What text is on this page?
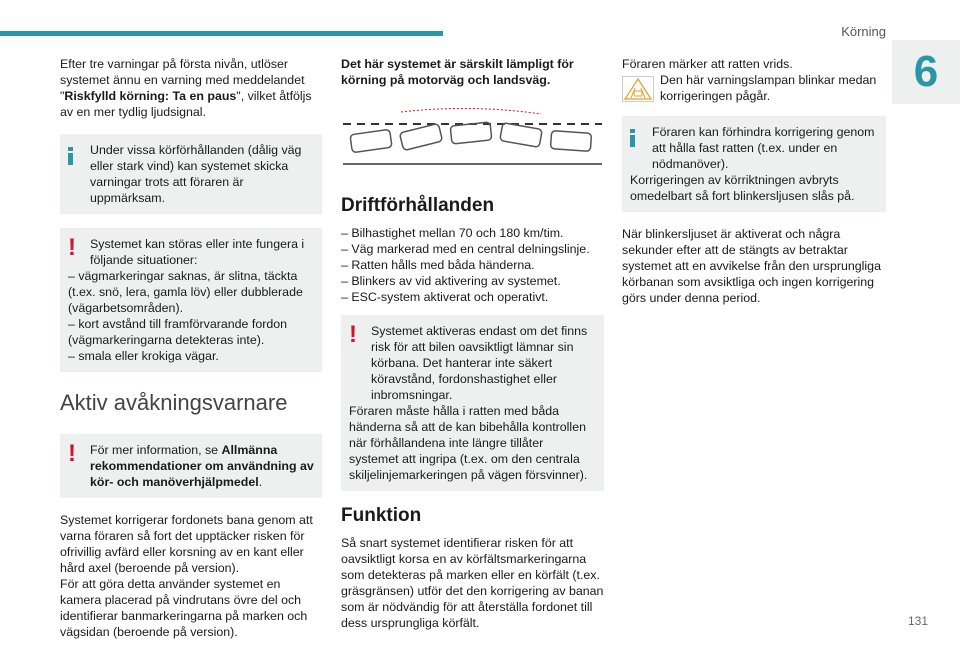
Körning
6

Efter tre varningar på första nivån, utlöser systemet ännu en varning med meddelandet "Riskfylld körning: Ta en paus", vilket åtföljs av en mer tydlig ljudsignal.

Under vissa körförhållanden (dålig väg eller stark vind) kan systemet skicka varningar trots att föraren är uppmärksam.
!	Systemet kan störas eller inte fungera i följande situationer:
– vägmarkeringar saknas, är slitna, täckta (t.ex. snö, lera, gamla löv) eller dubblerade (vägarbetsområden).
– kort avstånd till framförvarande fordon (vägmarkeringarna detekteras inte).
– smala eller krokiga vägar.
Aktiv avåkningsvarnare
!	För mer information, se Allmänna rekommendationer om användning av kör- och manöverhjälpmedel.

Systemet korrigerar fordonets bana genom att varna föraren så fort det upptäcker risken för ofrivillig avfärd eller korsning av en kant eller hård axel (beroende på version).
För att göra detta använder systemet en kamera placerad på vindrutans övre del och identifierar banmarkeringarna på marken och vägsidan (beroende på version).

Det här systemet är särskilt lämpligt för körning på motorväg och landsväg.

Driftförhållanden
– Bilhastighet mellan 70 och 180 km/tim.
– Väg markerad med en central delningslinje.
– Ratten hålls med båda händerna.
– Blinkers av vid aktivering av systemet.
– ESC-system aktiverat och operativt.
!	Systemet aktiveras endast om det finns risk för att bilen oavsiktligt lämnar sin körbana. Det hanterar inte säkert köravstånd, fordonshastighet eller inbromsningar.
Föraren måste hålla i ratten med båda händerna så att de kan bibehålla kontrollen när förhållandena inte längre tillåter systemet att ingripa (t.ex. om den centrala skiljelinjemarkeringen på vägen försvinner).
Funktion

Så snart systemet identifierar risken för att oavsiktligt korsa en av körfältsmarkeringarna som detekteras på marken eller en körfält (t.ex. gräsgränsen) utför det den korrigering av banan som är nödvändig för att återställa fordonet till dess ursprungliga körfält.

Föraren märker att ratten vrids.

Den här varningslampan blinkar medan korrigeringen pågår.
Föraren kan förhindra korrigering genom att hålla fast ratten (t.ex. under en nödmanöver).
Korrigeringen av körriktningen avbryts omedelbart så fort blinkersljusen slås på.

När blinkersljuset är aktiverat och några sekunder efter att de stängts av betraktar systemet att en avvikelse från den ursprungliga körbanan som avsiktliga och ingen korrigering görs under denna period.

131
